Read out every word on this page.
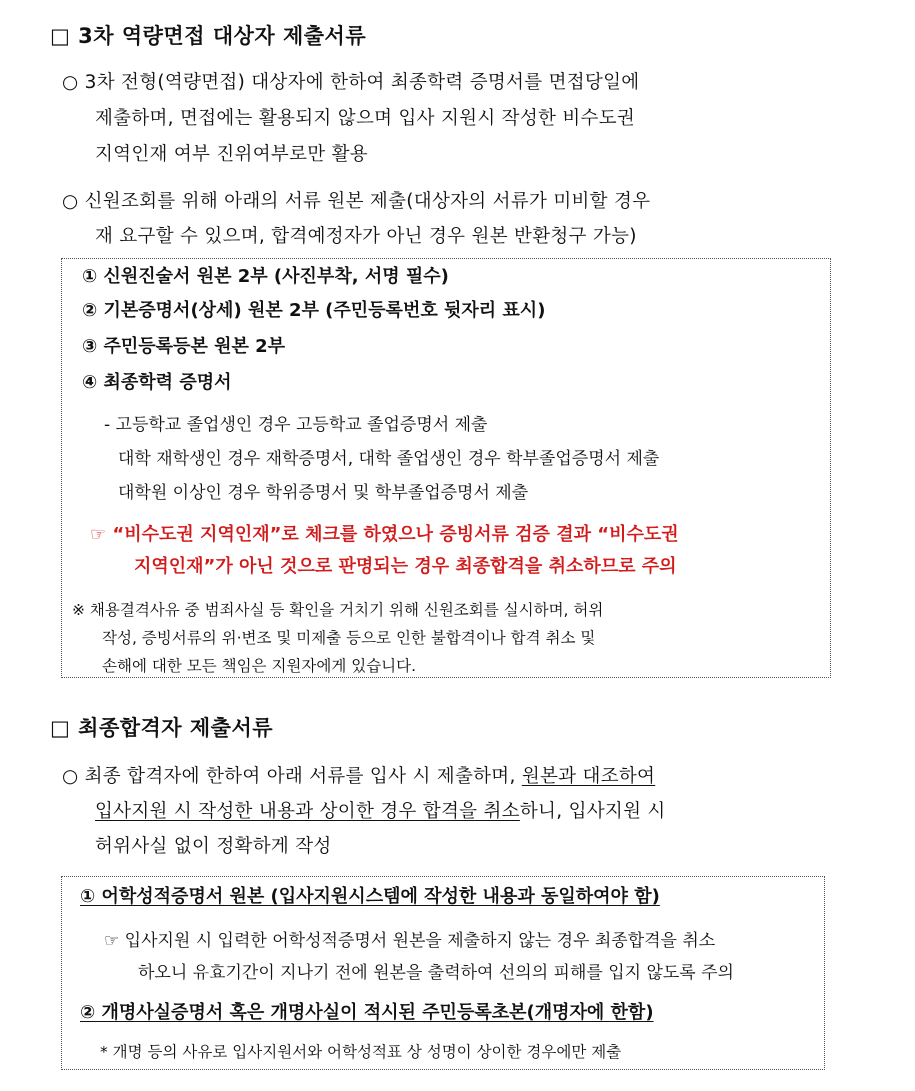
□ 3차 역량면접 대상자 제출서류
○ 3차 전형(역량면접) 대상자에 한하여 최종학력 증명서를 면접당일에
제출하며, 면접에는 활용되지 않으며 입사 지원시 작성한 비수도권
지역인재 여부 진위여부로만 활용
○ 신원조회를 위해 아래의 서류 원본 제출(대상자의 서류가 미비할 경우
재 요구할 수 있으며, 합격예정자가 아닌 경우 원본 반환청구 가능)
① 신원진술서 원본 2부 (사진부착, 서명 필수)
② 기본증명서(상세) 원본 2부 (주민등록번호 뒷자리 표시)
③ 주민등록등본 원본 2부
④ 최종학력 증명서
- 고등학교 졸업생인 경우 고등학교 졸업증명서 제출
대학 재학생인 경우 재학증명서, 대학 졸업생인 경우 학부졸업증명서 제출
대학원 이상인 경우 학위증명서 및 학부졸업증명서 제출
☞ “비수도권 지역인재”로 체크를 하였으나 증빙서류 검증 결과 “비수도권
지역인재”가 아닌 것으로 판명되는 경우 최종합격을 취소하므로 주의
※ 채용결격사유 중 범죄사실 등 확인을 거치기 위해 신원조회를 실시하며, 허위
작성, 증빙서류의 위·변조 및 미제출 등으로 인한 불합격이나 합격 취소 및
손해에 대한 모든 책임은 지원자에게 있습니다.
□ 최종합격자 제출서류
○ 최종 합격자에 한하여 아래 서류를 입사 시 제출하며, 원본과 대조하여
입사지원 시 작성한 내용과 상이한 경우 합격을 취소하니, 입사지원 시
허위사실 없이 정확하게 작성
① 어학성적증명서 원본 (입사지원시스템에 작성한 내용과 동일하여야 함)
☞ 입사지원 시 입력한 어학성적증명서 원본을 제출하지 않는 경우 최종합격을 취소
하오니 유효기간이 지나기 전에 원본을 출력하여 선의의 피해를 입지 않도록 주의
② 개명사실증명서 혹은 개명사실이 적시된 주민등록초본(개명자에 한함)
* 개명 등의 사유로 입사지원서와 어학성적표 상 성명이 상이한 경우에만 제출
